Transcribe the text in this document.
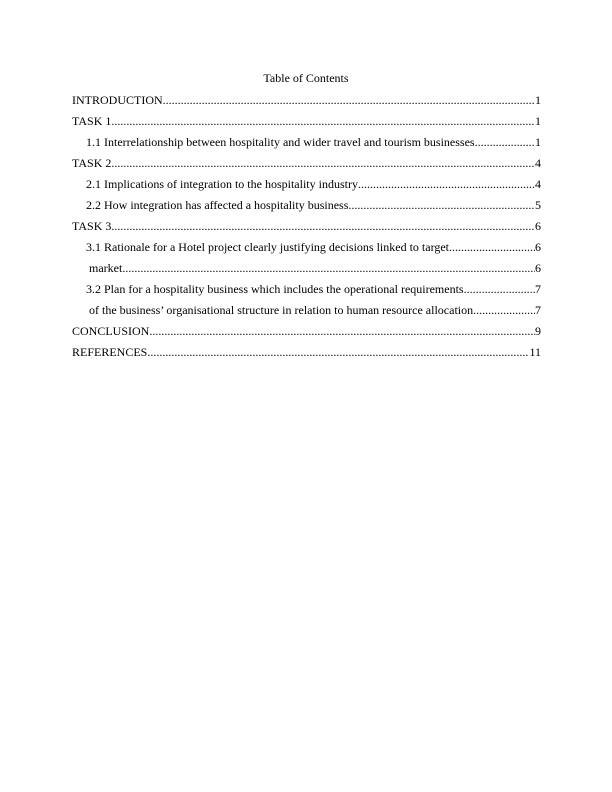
Table of Contents
INTRODUCTION .....	1
TASK 1 .....	1
1.1 Interrelationship between hospitality and wider travel and tourism businesses .....	1
TASK 2 .....	4
2.1 Implications of integration to the hospitality industry .....	4
2.2 How integration has affected a hospitality business .....	5
TASK 3 .....	6
3.1 Rationale for a Hotel project clearly justifying decisions linked to target .....	6
market .....	6
3.2 Plan for a hospitality business which includes the operational requirements .....	7
of the business’ organisational structure in relation to human resource allocation .....	7
CONCLUSION .....	9
REFERENCES .....	11
